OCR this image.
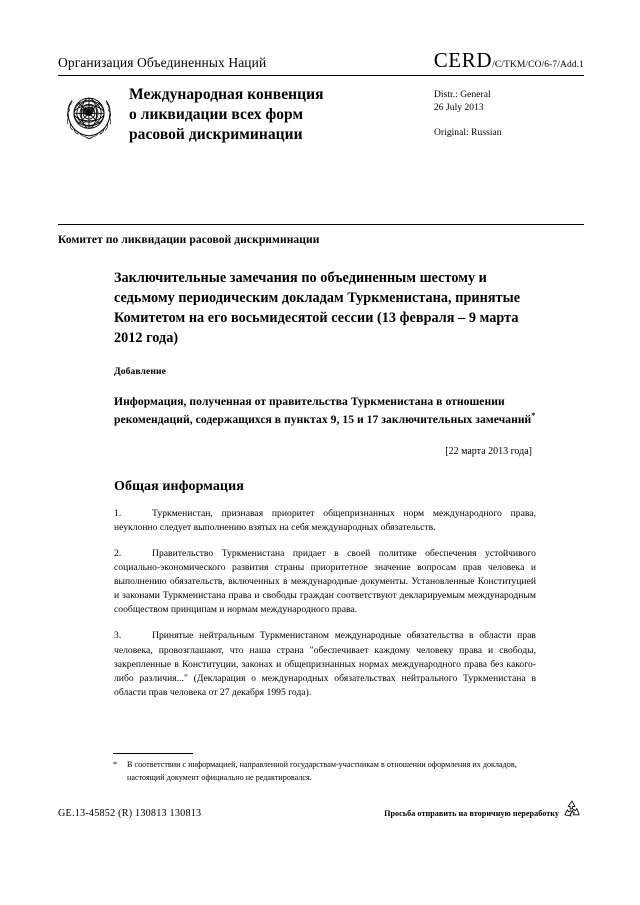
Организация Объединенных Наций	CERD/C/TKM/CO/6-7/Add.1
Международная конвенция
о ликвидации всех форм
расовой дискриминации
Distr.: General
26 July 2013
Original: Russian
Комитет по ликвидации расовой дискриминации
Заключительные замечания по объединенным шестому и седьмому периодическим докладам Туркменистана, принятые Комитетом на его восьмидесятой сессии (13 февраля – 9 марта 2012 года)
Добавление
Информация, полученная от правительства Туркменистана в отношении рекомендаций, содержащихся в пунктах 9, 15 и 17 заключительных замечаний*
[22 марта 2013 года]
Общая информация
1.	Туркменистан, признавая приоритет общепризнанных норм международного права, неуклонно следует выполнению взятых на себя международных обязательств.
2.	Правительство Туркменистана придает в своей политике обеспечения устойчивого социально-экономического развития страны приоритетное значение вопросам прав человека и выполнению обязательств, включенных в международные документы. Установленные Конституцией и законами Туркменистана права и свободы граждан соответствуют декларируемым международным сообществом принципам и нормам международного права.
3.	Принятые нейтральным Туркменистаном международные обязательства в области прав человека, провозглашают, что наша страна "обеспечивает каждому человеку права и свободы, закрепленные в Конституции, законах и общепризнанных нормах международного права без какого-либо различия..." (Декларация о международных обязательствах нейтрального Туркменистана в области прав человека от 27 декабря 1995 года).
* В соответствии с информацией, направленной государствам-участникам в отношении оформления их докладов, настоящий документ официально не редактировался.
GE.13-45852 (R) 130813 130813	Просьба отправить на вторичную переработку
